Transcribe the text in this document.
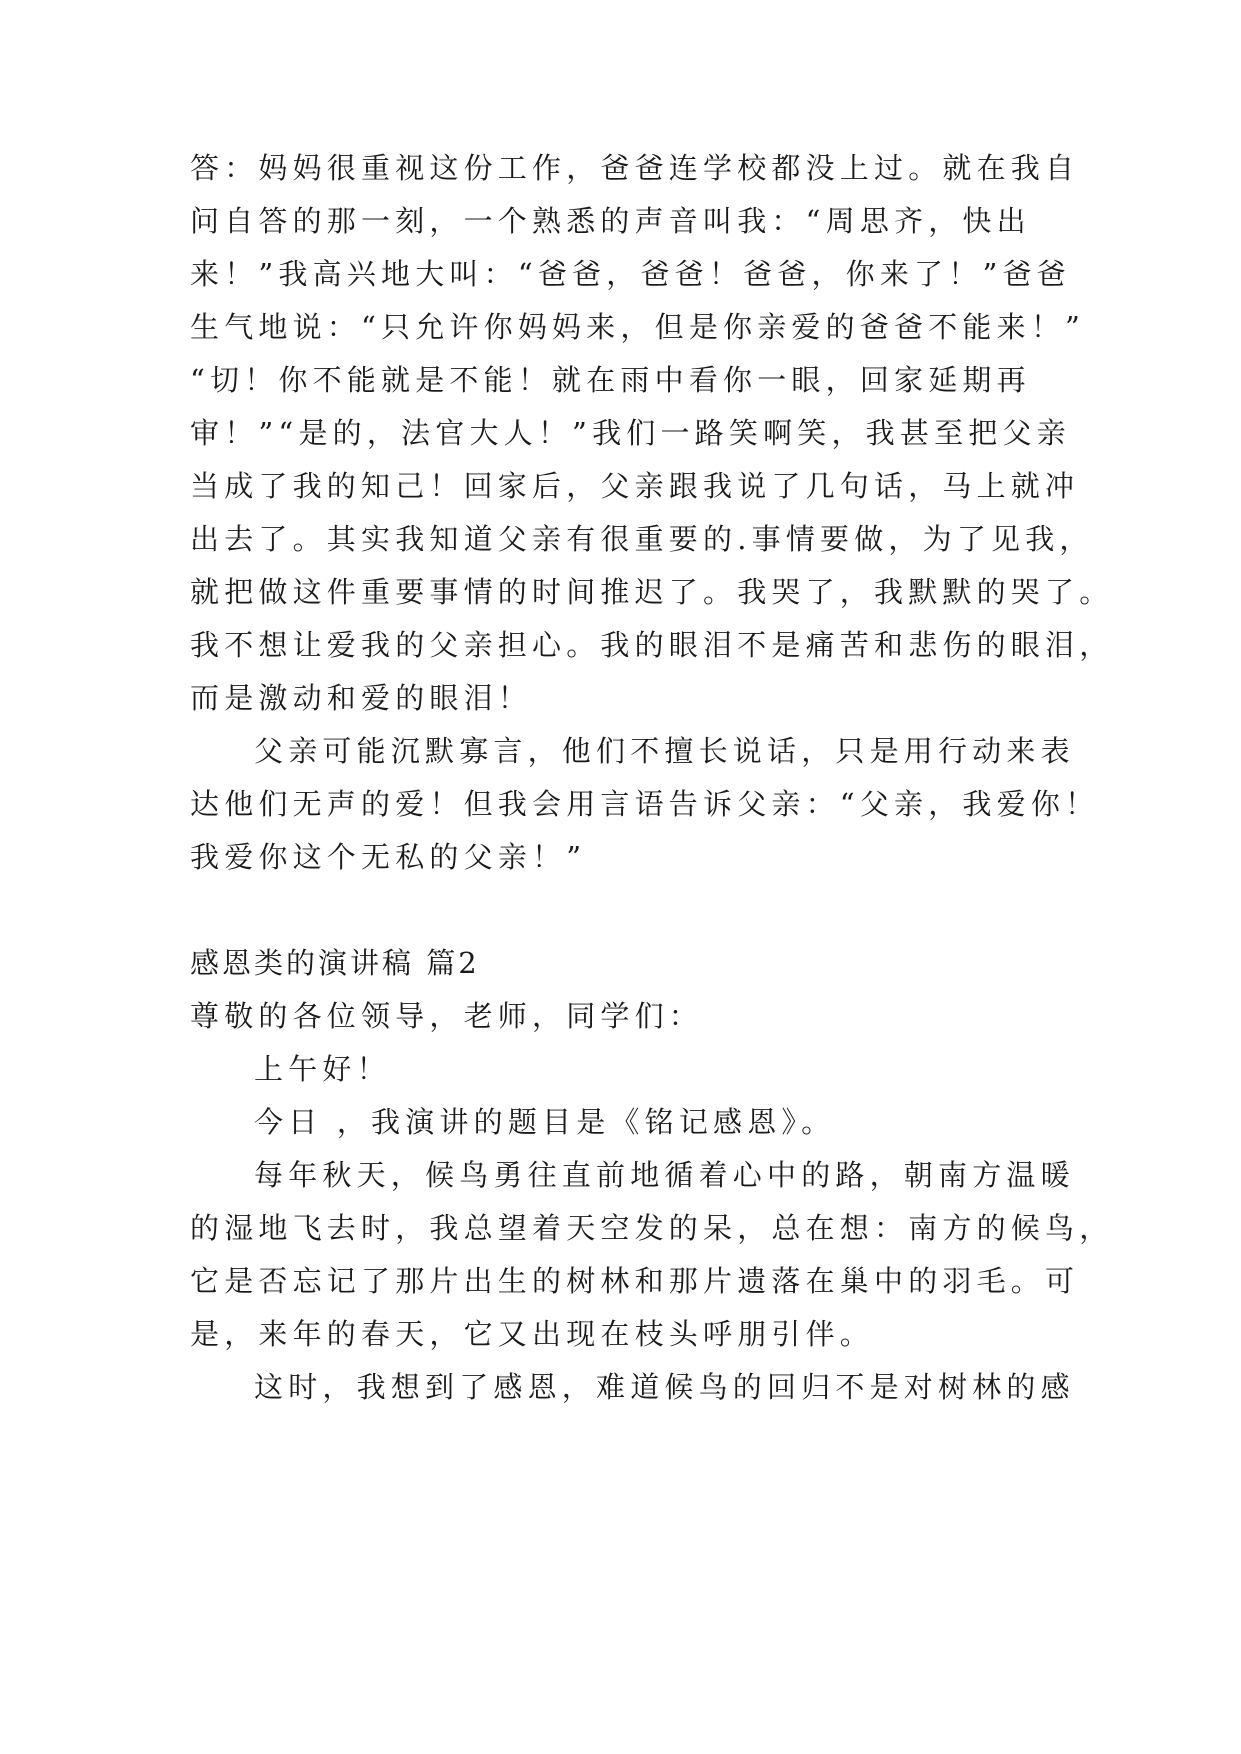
答：妈妈很重视这份工作，爸爸连学校都没上过。就在我自

问自答的那一刻，一个熟悉的声音叫我：“周思齐，快出

来！”我高兴地大叫：“爸爸，爸爸！爸爸，你来了！”爸爸

生气地说：“只允许你妈妈来，但是你亲爱的爸爸不能来！”

“切！你不能就是不能！就在雨中看你一眼，回家延期再

审！”“是的，法官大人！”我们一路笑啊笑，我甚至把父亲

当成了我的知己！回家后，父亲跟我说了几句话，马上就冲

出去了。其实我知道父亲有很重要的.事情要做，为了见我，

就把做这件重要事情的时间推迟了。我哭了，我默默的哭了。

我不想让爱我的父亲担心。我的眼泪不是痛苦和悲伤的眼泪，

而是激动和爱的眼泪！

父亲可能沉默寡言，他们不擅长说话，只是用行动来表

达他们无声的爱！但我会用言语告诉父亲：“父亲，我爱你！

我爱你这个无私的父亲！”

感恩类的演讲稿 篇2

尊敬的各位领导，老师，同学们：

上午好！

今日 ，我演讲的题目是《铭记感恩》。

每年秋天，候鸟勇往直前地循着心中的路，朝南方温暖

的湿地飞去时，我总望着天空发的呆，总在想：南方的候鸟，

它是否忘记了那片出生的树林和那片遗落在巢中的羽毛。可

是，来年的春天，它又出现在枝头呼朋引伴。

这时，我想到了感恩，难道候鸟的回归不是对树林的感
